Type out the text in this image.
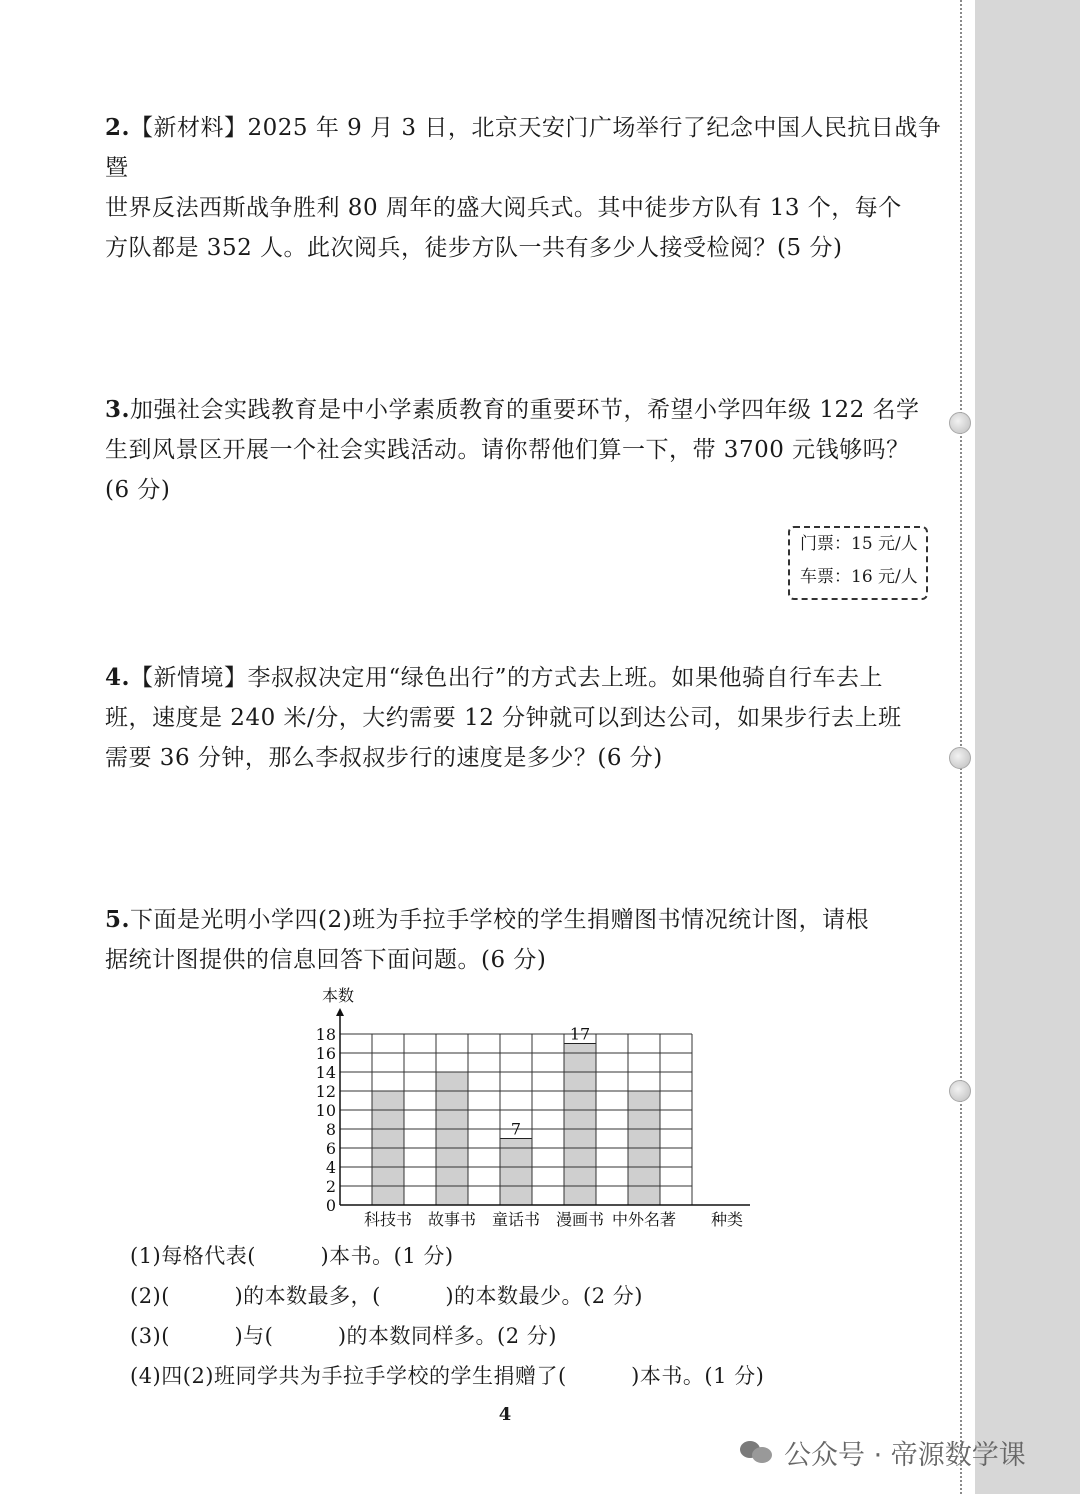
2.【新材料】2025 年 9 月 3 日，北京天安门广场举行了纪念中国人民抗日战争暨
世界反法西斯战争胜利 80 周年的盛大阅兵式。其中徒步方队有 13 个，每个
方队都是 352 人。此次阅兵，徒步方队一共有多少人接受检阅？(5 分)
3.加强社会实践教育是中小学素质教育的重要环节，希望小学四年级 122 名学
生到风景区开展一个社会实践活动。请你帮他们算一下，带 3700 元钱够吗？
(6 分)
门票：15 元/人
车票：16 元/人
4.【新情境】李叔叔决定用“绿色出行”的方式去上班。如果他骑自行车去上
班，速度是 240 米/分，大约需要 12 分钟就可以到达公司，如果步行去上班
需要 36 分钟，那么李叔叔步行的速度是多少？(6 分)
5.下面是光明小学四(2)班为手拉手学校的学生捐赠图书情况统计图，请根
据统计图提供的信息回答下面问题。(6 分)
0
2
4
6
8
10
12
14
16
18
本数
科技书 故事书 童话书 漫画书 中外名著 种类
7
17
(1)每格代表(　　　)本书。(1 分)
(2)(　　　)的本数最多，(　　　)的本数最少。(2 分)
(3)(　　　)与(　　　)的本数同样多。(2 分)
(4)四(2)班同学共为手拉手学校的学生捐赠了(　　　)本书。(1 分)
4
公众号 · 帝源数学课
